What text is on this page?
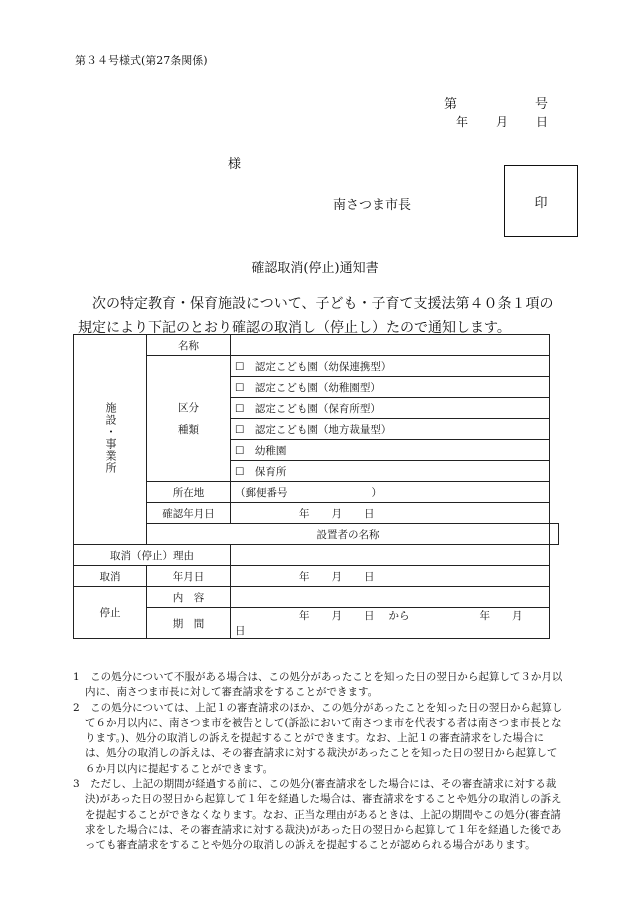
第３４号様式(第27条関係)
第	号
年 月 日
様
南さつま市長	印
確認取消(停止)通知書
次の特定教育・保育施設について、子ども・子育て支援法第４０条１項の規定により下記のとおり確認の取消し（停止し）たので通知します。
施設・事業所	名称		

	区分
種類	☐　認定こども園（幼保連携型）	
		☐　認定こども園（幼稚園型）	
		☐　認定こども園（保育所型）	
		☐　認定こども園（地方裁量型）	
		☐　幼稚園	
		☐　保育所	
	所在地	（郵便番号　　　　　　　　）	
	確認年月日	年 月 日	
	設置者の名称		
取消（停止）理由			
取消	年月日	年 月 日	
停止	内　容		
	期　間	年 月 日 から 年 月日	
1　この処分について不服がある場合は、この処分があったことを知った日の翌日から起算して３か月以内に、南さつま市長に対して審査請求をすることができます。
2　この処分については、上記１の審査請求のほか、この処分があったことを知った日の翌日から起算して６か月以内に、南さつま市を被告として(訴訟において南さつま市を代表する者は南さつま市長となります。)、処分の取消しの訴えを提起することができます。なお、上記１の審査請求をした場合には、処分の取消しの訴えは、その審査請求に対する裁決があったことを知った日の翌日から起算して６か月以内に提起することができます。
3　ただし、上記の期間が経過する前に、この処分(審査請求をした場合には、その審査請求に対する裁決)があった日の翌日から起算して１年を経過した場合は、審査請求をすることや処分の取消しの訴えを提起することができなくなります。なお、正当な理由があるときは、上記の期間やこの処分(審査請求をした場合には、その審査請求に対する裁決)があった日の翌日から起算して１年を経過した後であっても審査請求をすることや処分の取消しの訴えを提起することが認められる場合があります。
